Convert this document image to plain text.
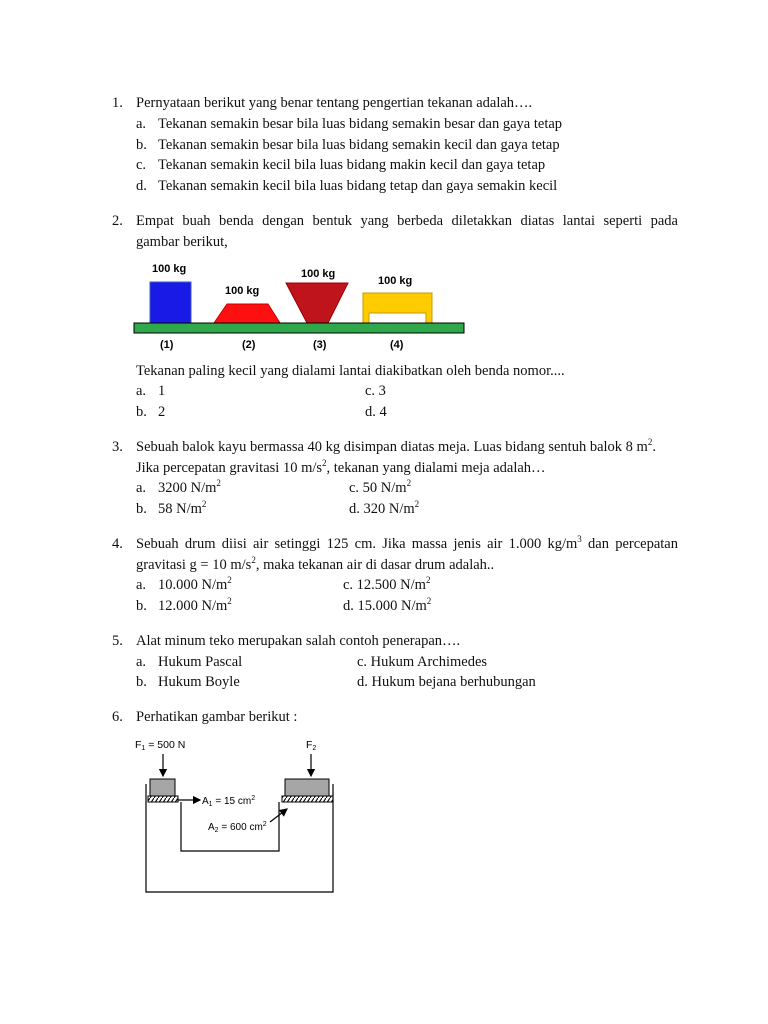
1. Pernyataan berikut yang benar tentang pengertian tekanan adalah….
a. Tekanan semakin besar bila luas bidang semakin besar dan gaya tetap
b. Tekanan semakin besar bila luas bidang semakin kecil dan gaya tetap
c. Tekanan semakin kecil bila luas bidang makin kecil dan gaya tetap
d. Tekanan semakin kecil bila luas bidang tetap dan gaya semakin kecil
2. Empat buah benda dengan bentuk yang berbeda diletakkan diatas lantai seperti pada
gambar berikut,
100 kg
100 kg
100 kg
100 kg
(1)	(2)	(3)	(4)
Tekanan paling kecil yang dialami lantai diakibatkan oleh benda nomor....
a. 1	c. 3
b. 2	d. 4
3. Sebuah balok kayu bermassa 40 kg disimpan diatas meja. Luas bidang sentuh balok 8 $m^2$.
Jika percepatan gravitasi 10 $m/s^2$, tekanan yang dialami meja adalah…
a. 3200 $N/m^2$	c. 50 $N/m^2$
b. 58 $N/m^2$	d. 320 $N/m^2$
4. Sebuah drum diisi air setinggi 125 cm. Jika massa jenis air 1.000 $kg/m^3$ dan percepatan
gravitasi g = 10 $m/s^2$, maka tekanan air di dasar drum adalah..
a. 10.000 $N/m^2$	c. 12.500 $N/m^2$
b. 12.000 $N/m^2$	d. 15.000 $N/m^2$
5. Alat minum teko merupakan salah contoh penerapan….
a. Hukum Pascal	c. Hukum Archimedes
b. Hukum Boyle	d. Hukum bejana berhubungan
6. Perhatikan gambar berikut :
F1 = 500 N	F2
$A_1 = 15$ $cm^2$
$A_2 = 600$ $cm^2$
